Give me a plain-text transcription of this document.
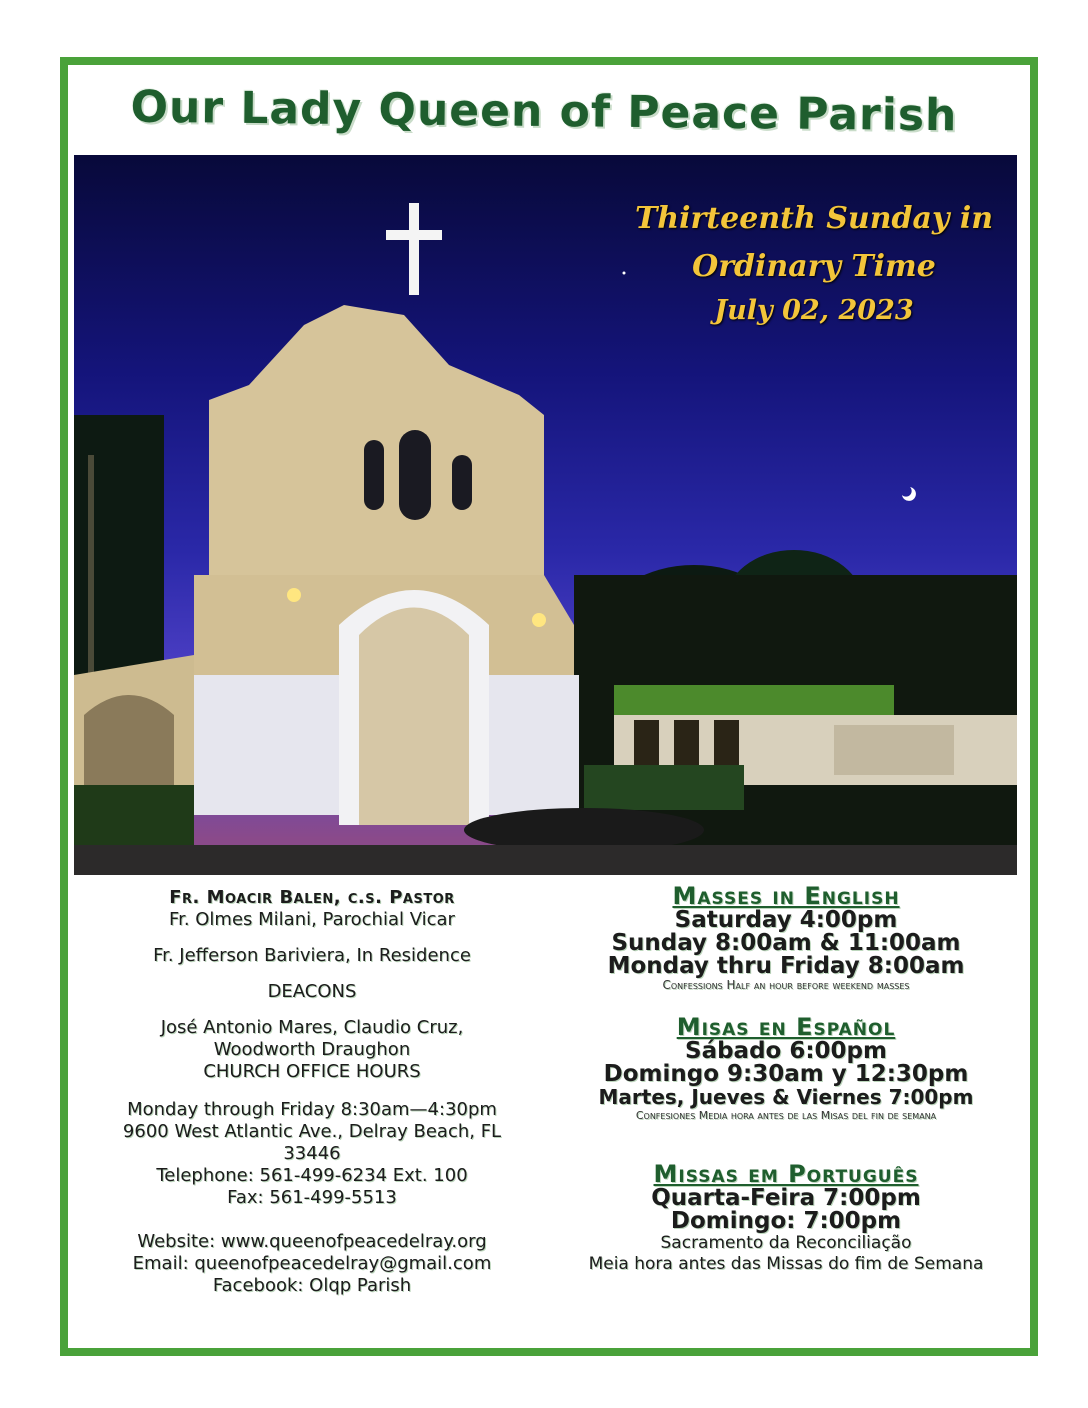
Our Lady Queen of Peace Parish
Thirteenth Sunday in
Ordinary Time
July 02, 2023

Fr. Moacir Balen, c.s. Pastor

Fr. Olmes Milani, Parochial Vicar

Fr. Jefferson Bariviera, In Residence

DEACONS

José Antonio Mares, Claudio Cruz,

Woodworth Draughon

CHURCH OFFICE HOURS

Monday through Friday 8:30am—4:30pm

9600 West Atlantic Ave., Delray Beach, FL

33446

Telephone: 561-499-6234 Ext. 100

Fax: 561-499-5513

Website: www.queenofpeacedelray.org

Email: queenofpeacedelray@gmail.com

Facebook: Olqp Parish

Masses in English
Saturday 4:00pm
Sunday 8:00am & 11:00am
Monday thru Friday 8:00am
Confessions Half an hour before weekend masses
Misas en Español
Sábado 6:00pm
Domingo 9:30am y 12:30pm
Martes, Jueves & Viernes 7:00pm
Confesiones Media hora antes de las Misas del fin de semana
Missas em Português
Quarta-Feira 7:00pm
Domingo: 7:00pm
Sacramento da Reconciliação
Meia hora antes das Missas do fim de Semana
